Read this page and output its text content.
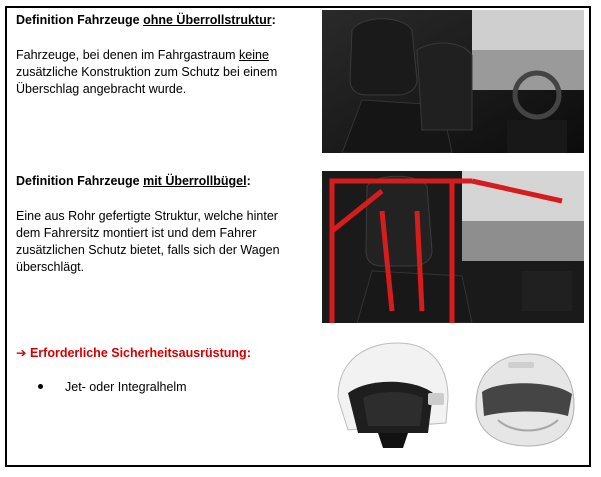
Definition Fahrzeuge ohne Überrollstruktur:
Fahrzeuge, bei denen im Fahrgastraum keine
zusätzliche Konstruktion zum Schutz bei einem
Überschlag angebracht wurde.
Definition Fahrzeuge mit Überrollbügel:
Eine aus Rohr gefertigte Struktur, welche hinter
dem Fahrersitz montiert ist und dem Fahrer
zusätzlichen Schutz bietet, falls sich der Wagen
überschlägt.
➔ Erforderliche Sicherheitsausrüstung:
Jet- oder Integralhelm
